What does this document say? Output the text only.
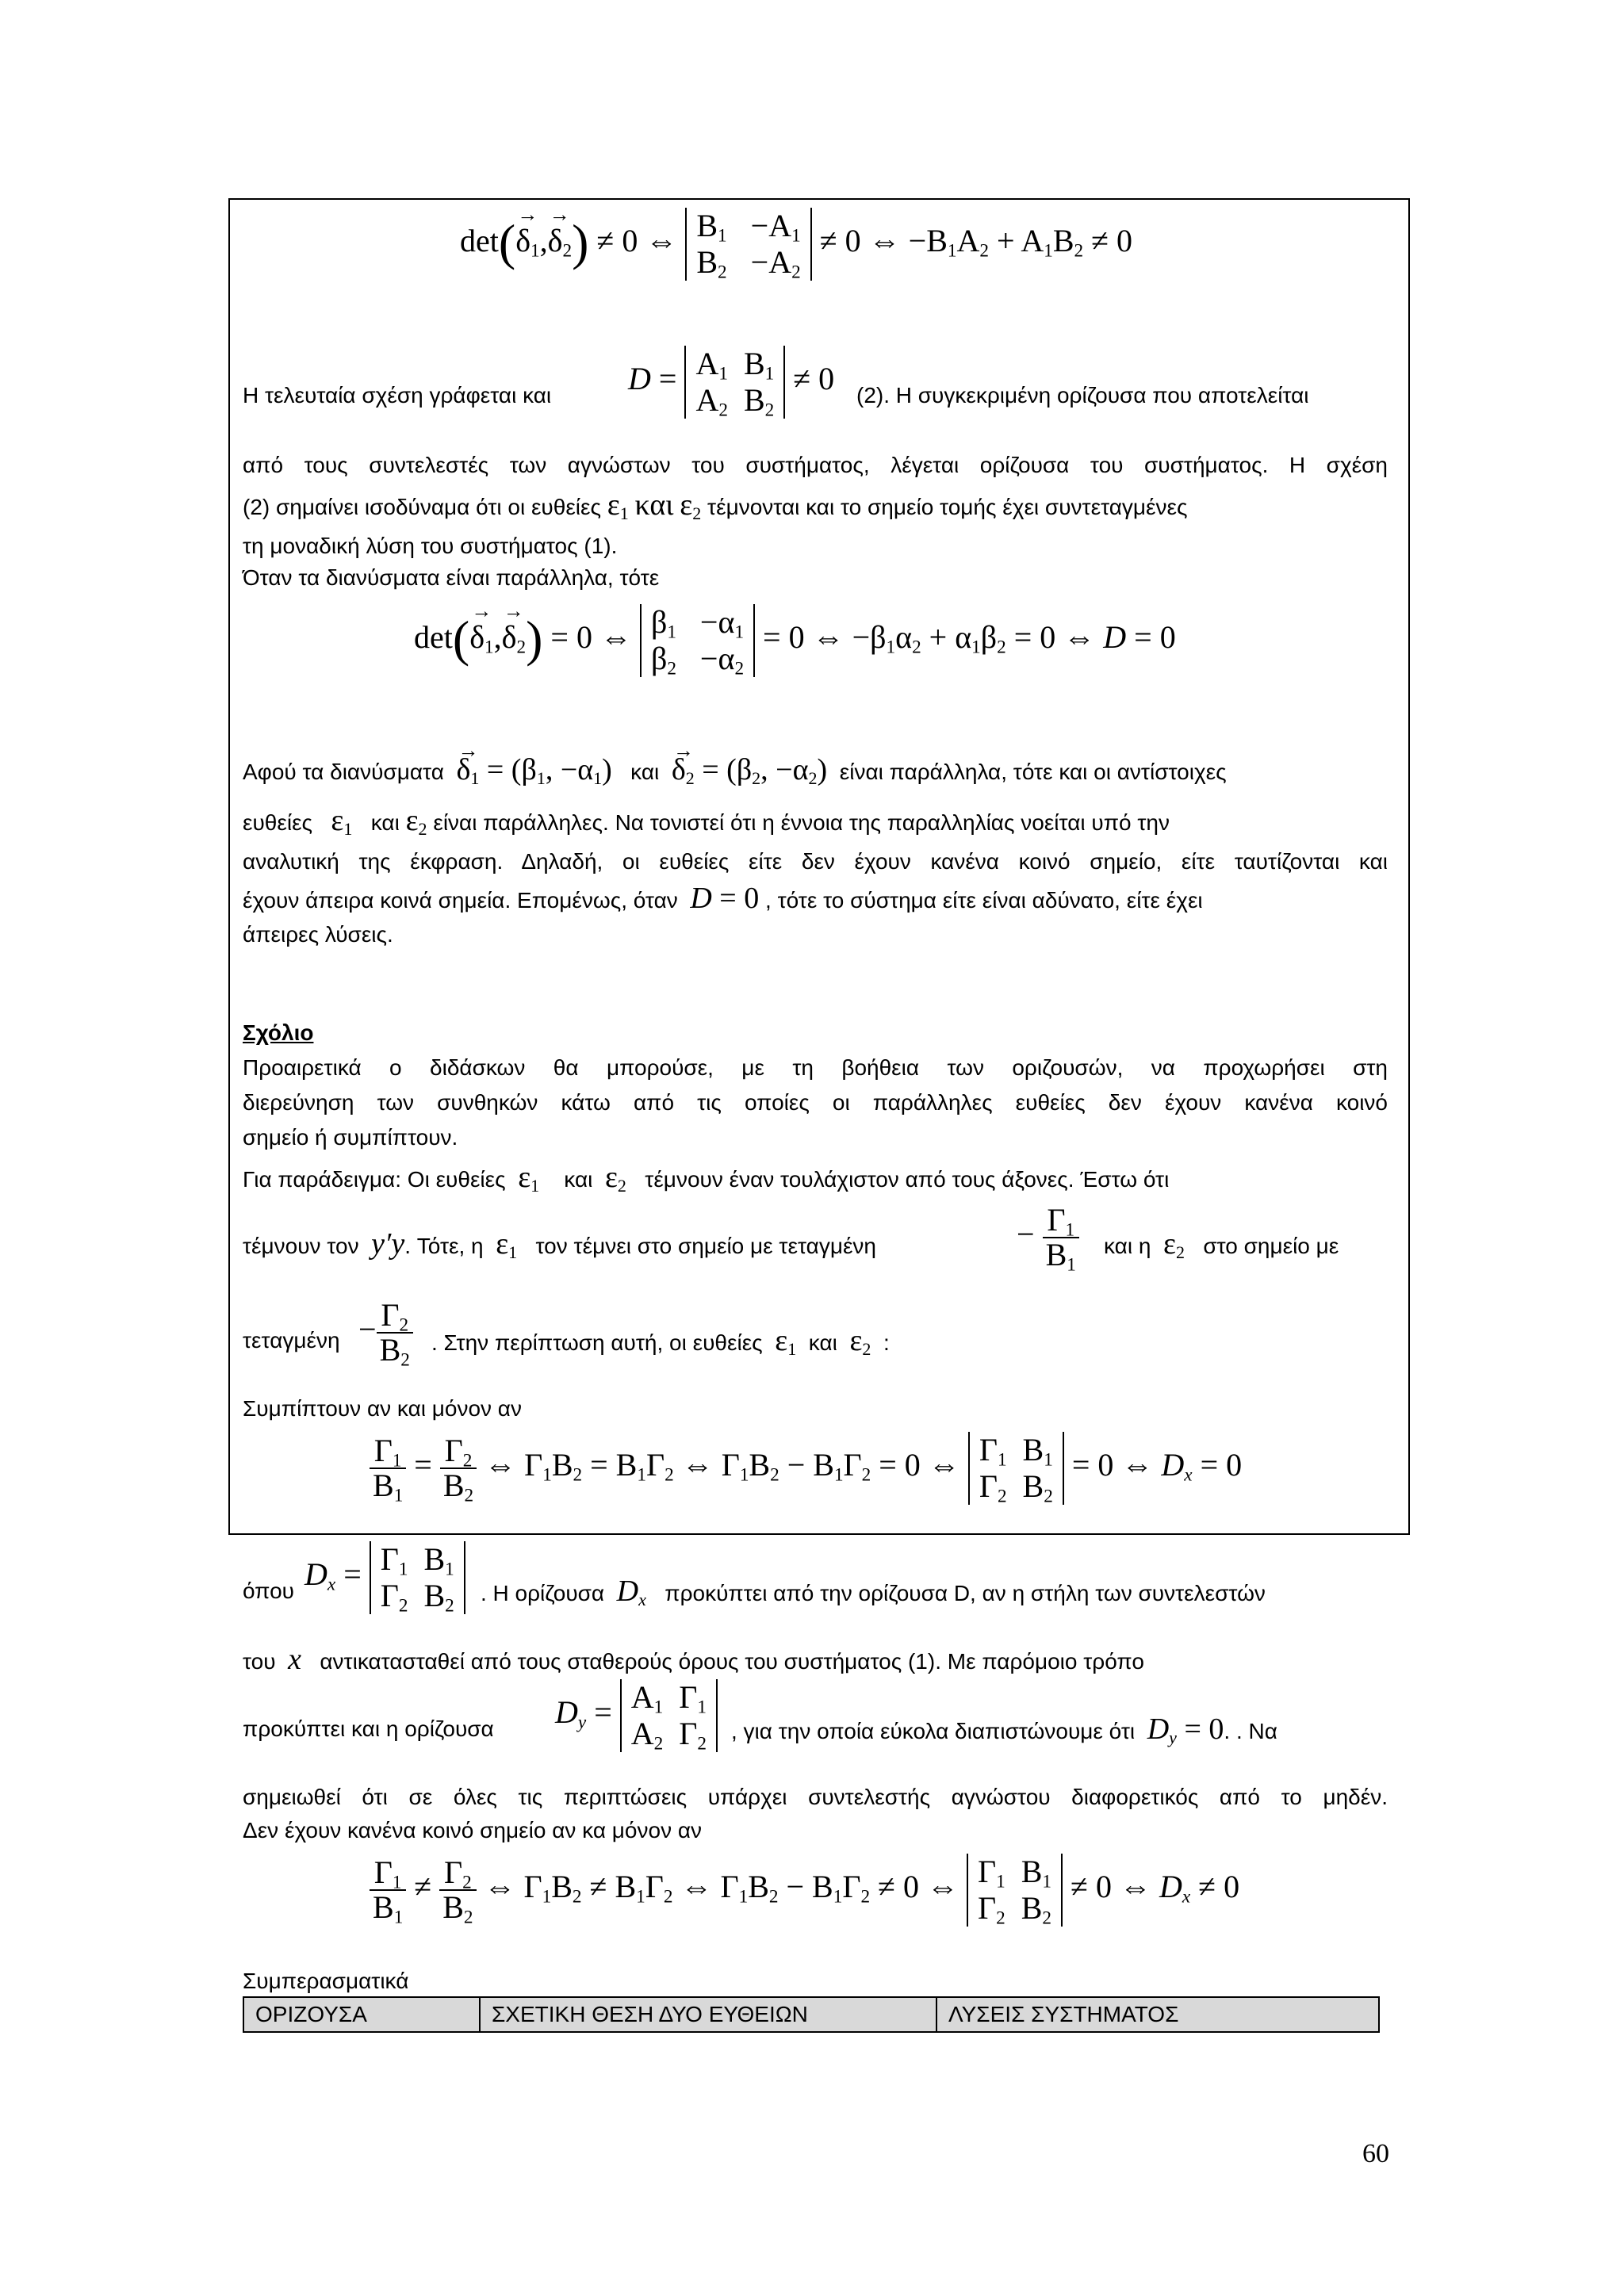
$\det(\to \delta_1,\to \delta_2) \ne 0$ ⇔ $B_1 -A_1$
$B_2 -A_2$
≠ 0 ⇔ $-B_1A_2 + A_1B_2 \ne 0$
Η τελευταία σχέση γράφεται και $D = A_1$  $B_1$
$A_2$  $B_2$
≠ 0 (2). Η συγκεκριμένη ορίζουσα που αποτελείται
από τους συντελεστές των αγνώστων του συστήματος, λέγεται ορίζουσα του συστήματος. Η σχέση
(2) σημαίνει ισοδύναμα ότι οι ευθείες $\varepsilon_1$ και $\varepsilon_2$ τέμνονται και το σημείο τομής έχει συντεταγμένες
τη μοναδική λύση του συστήματος (1).
Όταν τα διανύσματα είναι παράλληλα, τότε
$\det(\to \delta_1,\to \delta_2) = 0$ ⇔ $\beta_1 -\alpha_1$
$\beta_2 -\alpha_2$
= 0 ⇔ $-\beta_1\alpha_2 + \alpha_1\beta_2 = 0$ ⇔ D = 0
Αφού τα $\delta\iota\alpha\nu ύ\sigma\mu\alpha\tau\alpha \to \delta_1 = (\beta_1$, $-\alpha_1$) $\kappa\alpha\iota \to \delta_2 = (\beta_2$, $-\alpha_2$) είναι παράλληλα, τότε και οι αντίστοιχες
ευθείες $\varepsilon_1$ και $\varepsilon_2$ είναι παράλληλες. Να τονιστεί ότι η έννοια της παραλληλίας νοείται υπό την
αναλυτική της έκφραση. Δηλαδή, οι ευθείες είτε δεν έχουν κανένα κοινό σημείο, είτε ταυτίζονται και
έχουν άπειρα κοινά σημεία. Επομένως, όταν D = 0 , τότε το σύστημα είτε είναι αδύνατο, είτε έχει
άπειρες λύσεις.
Σχόλιο
Προαιρετικά ο διδάσκων θα μπορούσε, με τη βοήθεια των οριζουσών, να προχωρήσει στη
διερεύνηση των συνθηκών κάτω από τις οποίες οι παράλληλες ευθείες δεν έχουν κανένα κοινό
σημείο ή συμπίπτουν.
Για παράδειγμα: Οι ευθείες $\varepsilon_1$ και $\varepsilon_2$ τέμνουν έναν τουλάχιστον από τους άξονες. Έστω ότι
τέμνουν τον y′y. Τότε, η $\varepsilon_1$ τον τέμνει στο σημείο με τεταγμένη	− $\frac{\Gamma_1}{B_1}$ και η $\varepsilon_2$ στο σημείο με
$\tau\varepsilon\tau\alpha\gamma\mu έ\nu\eta - \frac{\Gamma_2}{B_2}$ . Στην περίπτωση αυτή, οι ευθείες $\varepsilon_1$ και $\varepsilon_2$ :
Συμπίπτουν αν και μόνον αν
$\frac{\Gamma_1}{B_1} = \frac{\Gamma_2}{B_2}$ ⇔ $\Gamma_1B_2 = B_1\Gamma_2$ ⇔ $\Gamma_1B_2 - B_1\Gamma_2 = 0$ ⇔ $\Gamma_1$  $B_1$
$\Gamma_2$  $B_2$
= 0 ⇔ $D_x = 0$
όπου $D_x = \Gamma_1$  $B_1$
$\Gamma_2$  $B_2$
. Η ορίζουσα $D_x$ προκύπτει από την ορίζουσα D, αν η στήλη των συντελεστών
του x αντικατασταθεί από τους σταθερούς όρους του συστήματος (1). Με παρόμοιο τρόπο
προκύπτει και η ορίζουσα $D_y = A_1$  $\Gamma_1$
$A_2$  $\Gamma_2$
, για την οποία εύκολα διαπιστώνουμε ότι $D_y = 0$. . Να
σημειωθεί ότι σε όλες τις περιπτώσεις υπάρχει συντελεστής αγνώστου διαφορετικός από το μηδέν.
Δεν έχουν κανένα κοινό σημείο αν κα μόνον αν
$\frac{\Gamma_1}{B_1} \ne \frac{\Gamma_2}{B_2}$ ⇔ $\Gamma_1B_2 \ne B_1\Gamma_2$ ⇔ $\Gamma_1B_2 - B_1\Gamma_2 \ne 0$ ⇔ $\Gamma_1$  $B_1$
$\Gamma_2$  $B_2$
≠ 0 ⇔ $D_x \ne 0$
Συμπερασματικά
ΟΡΙΖΟΥΣΑ	ΣΧΕΤΙΚΗ ΘΕΣΗ ΔΥΟ ΕΥΘΕΙΩΝ	ΛΥΣΕΙΣ ΣΥΣΤΗΜΑΤΟΣ
60
